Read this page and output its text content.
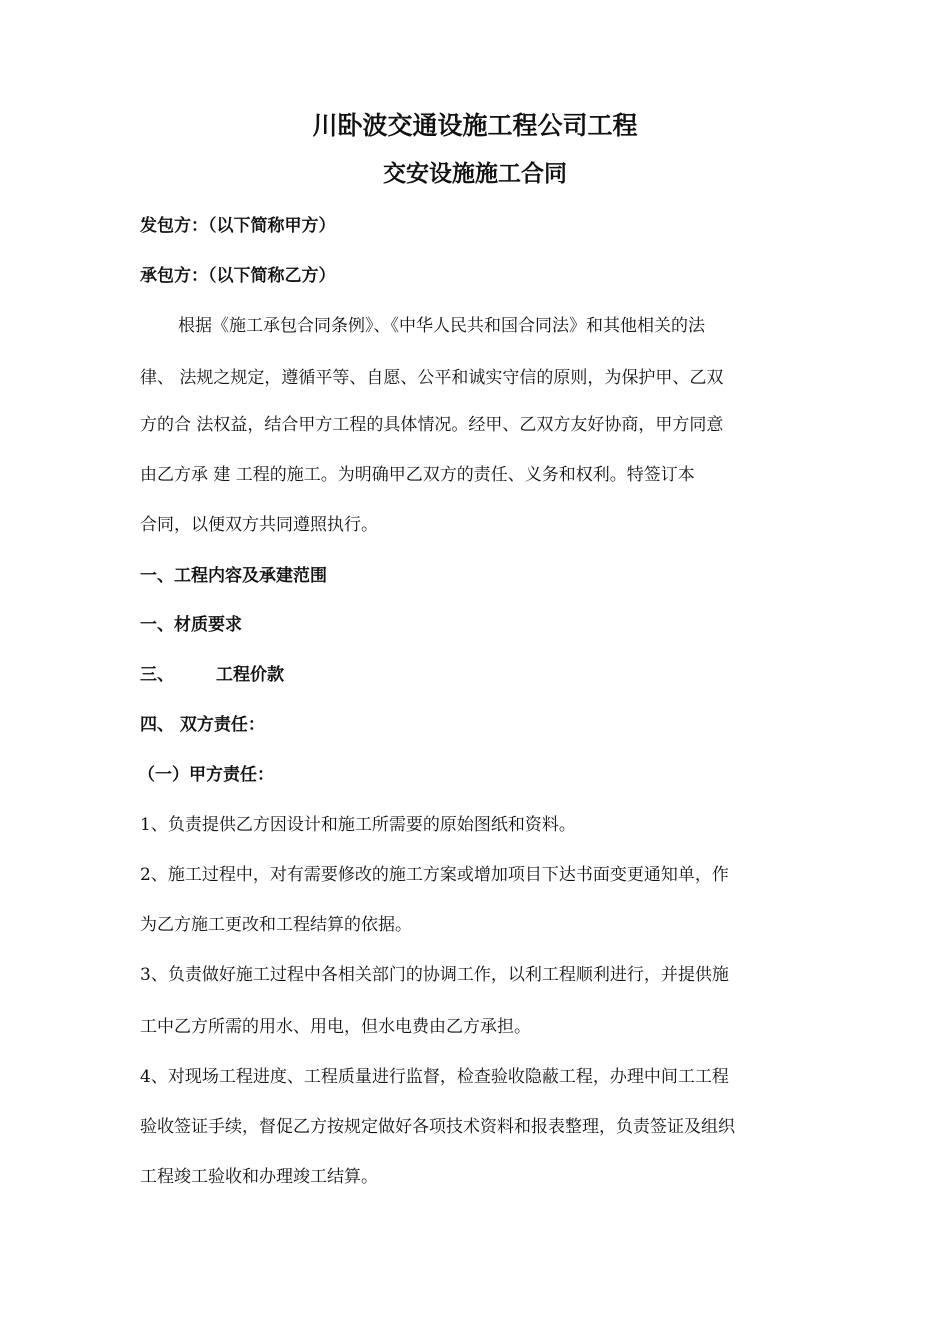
川卧波交通设施工程公司工程
交安设施施工合同
发包方：（以下简称甲方）
承包方：（以下简称乙方）
根据《施工承包合同条例》、《中华人民共和国合同法》和其他相关的法
律、 法规之规定，遵循平等、自愿、公平和诚实守信的原则，为保护甲、乙双
方的合 法权益，结合甲方工程的具体情况。经甲、乙双方友好协商，甲方同意
由乙方承 建 工程的施工。为明确甲乙双方的责任、义务和权利。特签订本
合同，以便双方共同遵照执行。
一、工程内容及承建范围
一、材质要求
三、 工程价款
四、 双方责任：
（一）甲方责任：
1、负责提供乙方因设计和施工所需要的原始图纸和资料。
2、施工过程中，对有需要修改的施工方案或增加项目下达书面变更通知单，作
为乙方施工更改和工程结算的依据。
3、负责做好施工过程中各相关部门的协调工作，以利工程顺利进行，并提供施
工中乙方所需的用水、用电，但水电费由乙方承担。
4、对现场工程进度、工程质量进行监督，检查验收隐蔽工程，办理中间工工程
验收签证手续，督促乙方按规定做好各项技术资料和报表整理，负责签证及组织
工程竣工验收和办理竣工结算。
